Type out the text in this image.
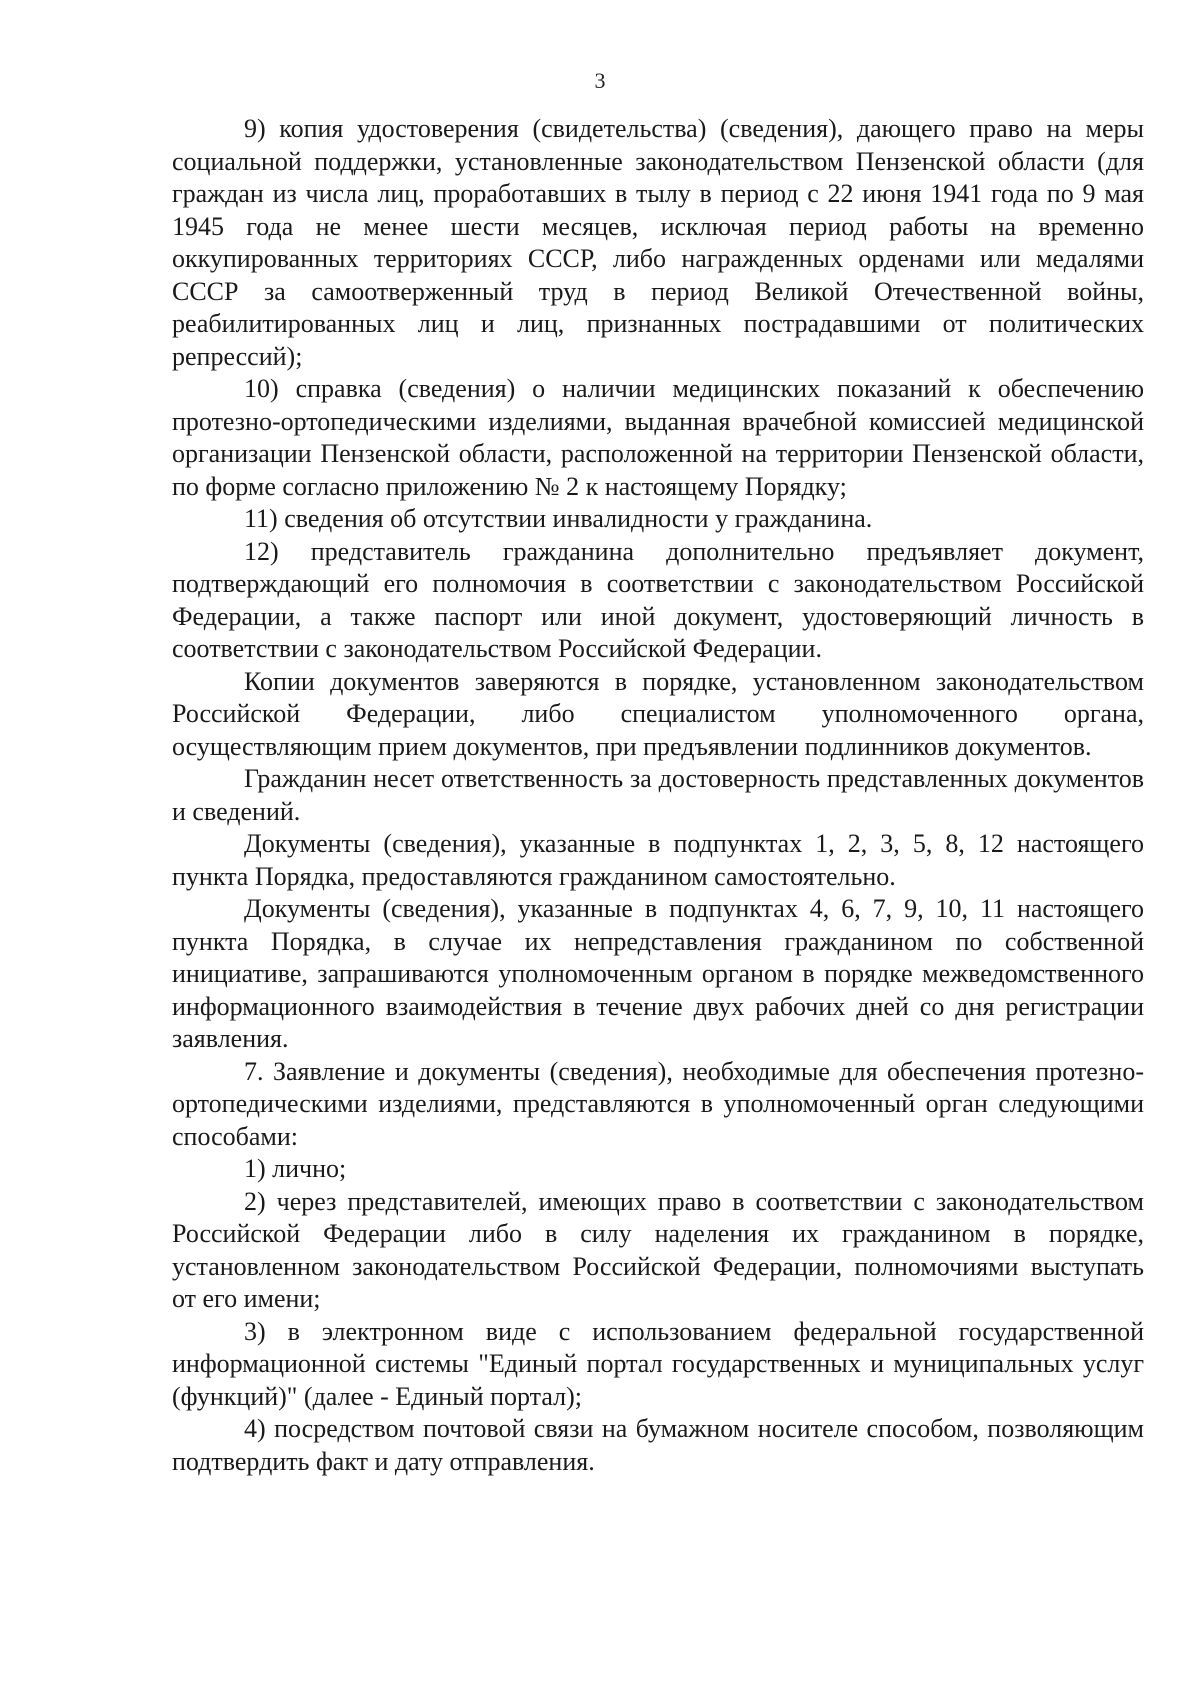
3

9) копия удостоверения (свидетельства) (сведения), дающего право на меры социальной поддержки, установленные законодательством Пензенской области (для граждан из числа лиц, проработавших в тылу в период с 22 июня 1941 года по 9 мая 1945 года не менее шести месяцев, исключая период работы на временно оккупированных территориях СССР, либо награжденных орденами или медалями СССР за самоотверженный труд в период Великой Отечественной войны, реабилитированных лиц и лиц, признанных пострадавшими от политических репрессий);

10) справка (сведения) о наличии медицинских показаний к обеспечению протезно-ортопедическими изделиями, выданная врачебной комиссией медицинской организации Пензенской области, расположенной на территории Пензенской области, по форме согласно приложению № 2 к настоящему Порядку;

11) сведения об отсутствии инвалидности у гражданина.

12) представитель гражданина дополнительно предъявляет документ, подтверждающий его полномочия в соответствии с законодательством Российской Федерации, а также паспорт или иной документ, удостоверяющий личность в соответствии с законодательством Российской Федерации.

Копии документов заверяются в порядке, установленном законодательством Российской Федерации, либо специалистом уполномоченного органа, осуществляющим прием документов, при предъявлении подлинников документов.

Гражданин несет ответственность за достоверность представленных документов и сведений.

Документы (сведения), указанные в подпунктах 1, 2, 3, 5, 8, 12 настоящего пункта Порядка, предоставляются гражданином самостоятельно.

Документы (сведения), указанные в подпунктах 4, 6, 7, 9, 10, 11 настоящего пункта Порядка, в случае их непредставления гражданином по собственной инициативе, запрашиваются уполномоченным органом в порядке межведомственного информационного взаимодействия в течение двух рабочих дней со дня регистрации заявления.

7. Заявление и документы (сведения), необходимые для обеспечения протезно-ортопедическими изделиями, представляются в уполномоченный орган следующими способами:

1) лично;

2) через представителей, имеющих право в соответствии с законодательством Российской Федерации либо в силу наделения их гражданином в порядке, установленном законодательством Российской Федерации, полномочиями выступать от его имени;

3) в электронном виде с использованием федеральной государственной информационной системы "Единый портал государственных и муниципальных услуг (функций)" (далее - Единый портал);

4) посредством почтовой связи на бумажном носителе способом, позволяющим подтвердить факт и дату отправления.
